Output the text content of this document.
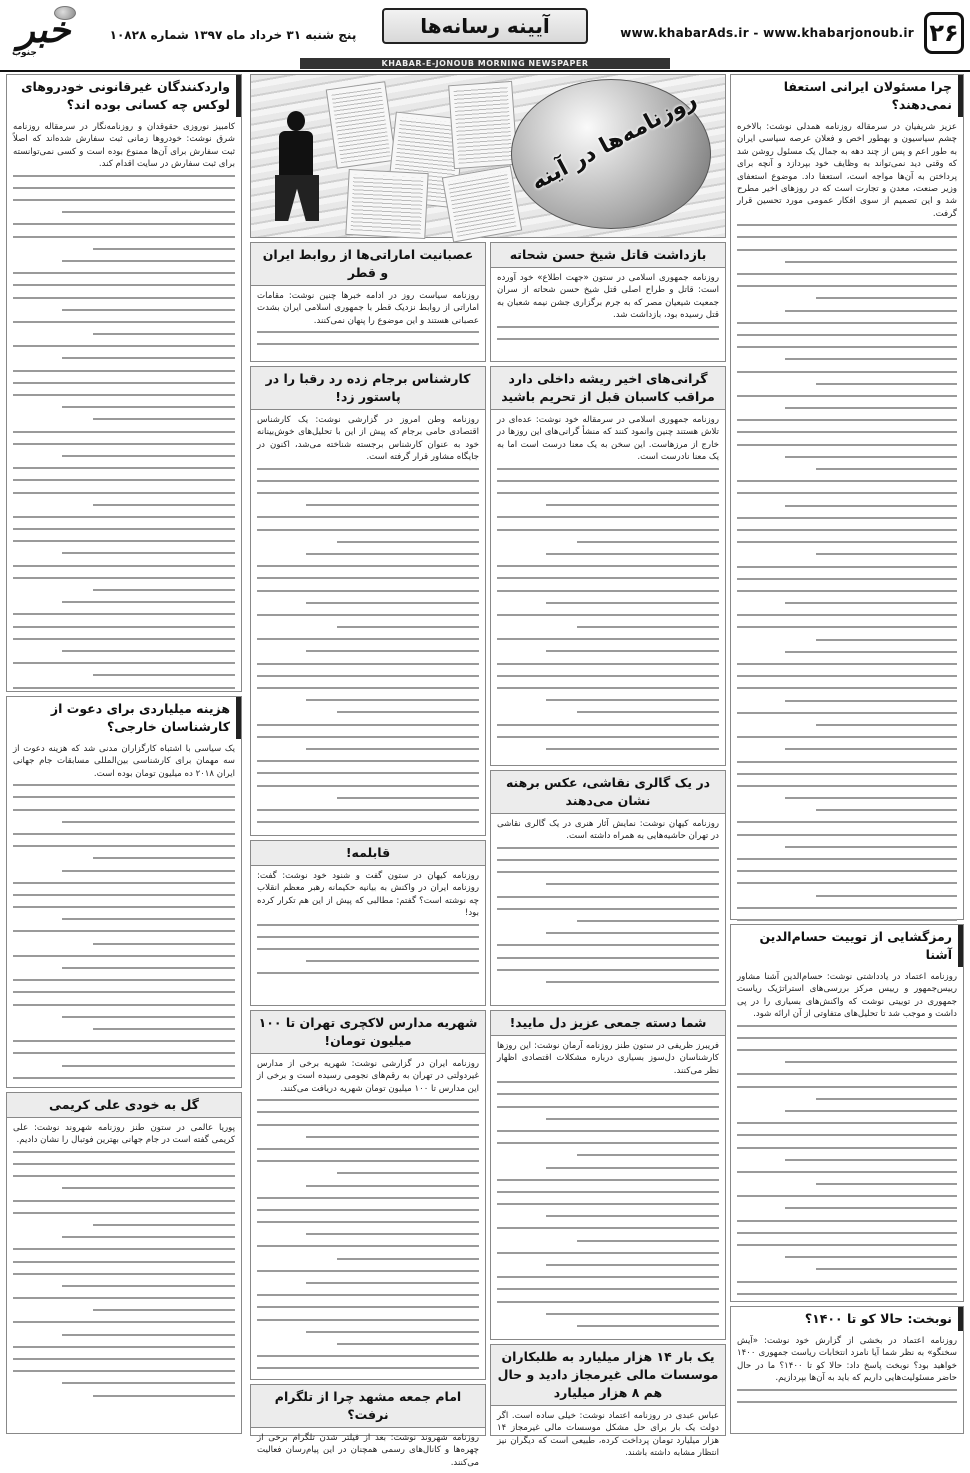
۲۶
www.khabarAds.ir - www.khabarjonoub.ir
آیینه رسانه‌ها
KHABAR-E-JONOUB MORNING NEWSPAPER
پنج شنبه ۳۱ خرداد ماه ۱۳۹۷ شماره ۱۰۸۲۸
خبر
جنوب
چرا مسئولان ایرانی استعفا نمی‌دهند؟
عزیز شریفیان در سرمقاله روزنامه همدلی نوشت: بالاخره چشم سیاسیون و بهطور اخص و فعلان عرصه سیاسی ایران به طور اعم و پس از چند دهه به جمال یک مسئول روشن شد که وقتی دید نمی‌تواند به وظایف خود بپردازد و آنچه برای پرداختن به آن‌ها مواجه است، استعفا داد. موضوع استعفای وزیر صنعت، معدن و تجارت است که در روزهای اخیر مطرح شد و این تصمیم از سوی افکار عمومی مورد تحسین قرار گرفت.
رمزگشایی از توییت حسام‌الدین آشنا
روزنامه اعتماد در یادداشتی نوشت: حسام‌الدین آشنا مشاور رییس‌جمهور و رییس مرکز بررسی‌های استراتژیک ریاست جمهوری در توییتی نوشت که واکنش‌های بسیاری را در پی داشت و موجب شد تا تحلیل‌های متفاوتی از آن ارائه شود.
نوبخت: حالا کو تا ۱۴۰۰؟
روزنامه اعتماد در بخشی از گزارش خود نوشت: «آیش سخنگو» به نظر شما آیا نامزد انتخابات ریاست جمهوری ۱۴۰۰ خواهید بود؟ نوبخت پاسخ داد: حالا کو تا ۱۴۰۰؟ ما در حال حاضر مسئولیت‌هایی داریم که باید به آن‌ها بپردازیم.
روزنامه‌ها در آینه
بازداشت قاتل شیخ حسن شحاته
روزنامه جمهوری اسلامی در ستون «جهت اطلاع» خود آورده است: قاتل و طراح اصلی قتل شیخ حسن شحاته از سران جمعیت شیعیان مصر که به جرم برگزاری جشن نیمه شعبان به قتل رسیده بود، بازداشت شد.
عصبانیت اماراتی‌ها از روابط ایران و قطر
روزنامه سیاست روز در ادامه خبرها چنین نوشت: مقامات اماراتی از روابط نزدیک قطر با جمهوری اسلامی ایران بشدت عصبانی هستند و این موضوع را پنهان نمی‌کنند.
گرانی‌های اخیر ریشه داخلی دارد مراقب کاسبان قبل از تحریم باشید
روزنامه جمهوری اسلامی در سرمقاله خود نوشت: عده‌ای در تلاش هستند چنین وانمود کنند که منشأ گرانی‌های این روزها در خارج از مرزهاست. این سخن به یک معنا درست است اما به یک معنا نادرست است.
کارشناس برجام زده رد رقبا را در پاستور زد!
روزنامه وطن امروز در گزارشی نوشت: یک کارشناس اقتصادی حامی برجام که پیش از این با تحلیل‌های خوش‌بینانه خود به عنوان کارشناس برجسته شناخته می‌شد، اکنون در جایگاه مشاور قرار گرفته است.
در یک گالری نقاشی، عکس برهنه نشان می‌دهند
روزنامه کیهان نوشت: نمایش آثار هنری در یک گالری نقاشی در تهران حاشیه‌هایی به همراه داشته است.
قابلمه!
روزنامه کیهان در ستون گفت و شنود خود نوشت: گفت: روزنامه ایران در واکنش به بیانیه حکیمانه رهبر معظم انقلاب چه نوشته است؟ گفتم: مطالبی که پیش از این هم تکرار کرده بود!
شما دسته جمعی عزیز دل مایید!
فریبرز ظریفی در ستون طنز روزنامه آرمان نوشت: این روزها کارشناسان دل‌سوز بسیاری درباره مشکلات اقتصادی اظهار نظر می‌کنند.
شهریه مدارس لاکچری تهران تا ۱۰۰ میلیون تومان!
روزنامه ایران در گزارشی نوشت: شهریه برخی از مدارس غیردولتی در تهران به رقم‌های نجومی رسیده است و برخی از این مدارس تا ۱۰۰ میلیون تومان شهریه دریافت می‌کنند.
یک بار ۱۴ هزار میلیارد به طلبکاران موسسات مالی غیرمجاز دادید و حال هم ۸ هزار میلیارد
عباس عبدی در روزنامه اعتماد نوشت: خیلی ساده است. اگر دولت یک بار برای حل مشکل موسسات مالی غیرمجاز ۱۴ هزار میلیارد تومان پرداخت کرده، طبیعی است که دیگران نیز انتظار مشابه داشته باشند.
امام جمعه مشهد چرا از تلگرام نرفت؟
روزنامه شهروند نوشت: بعد از فیلتر شدن تلگرام برخی از چهره‌ها و کانال‌های رسمی همچنان در این پیام‌رسان فعالیت می‌کنند.
واردکنندگان غیرقانونی خودروهای لوکس چه کسانی بوده اند؟
کامبیز نوروزی حقوقدان و روزنامه‌نگار در سرمقاله روزنامه شرق نوشت: خودروها زمانی ثبت سفارش شده‌اند که اصلاً ثبت سفارش برای آن‌ها ممنوع بوده است و کسی نمی‌توانسته برای ثبت سفارش در سایت اقدام کند.
هزینه میلیاردی برای دعوت از کارشناسان خارجی؟
یک سیاسی با اشتباه کارگزاران مدنی شد که هزینه دعوت از سه مهمان برای کارشناسی بین‌المللی مسابقات جام جهانی ایران ۲۰۱۸ ده میلیون تومان بوده است.
گل به خودی علی کریمی
پوریا عالمی در ستون طنز روزنامه شهروند نوشت: علی کریمی گفته است در جام جهانی بهترین فوتبال را نشان دادیم.
